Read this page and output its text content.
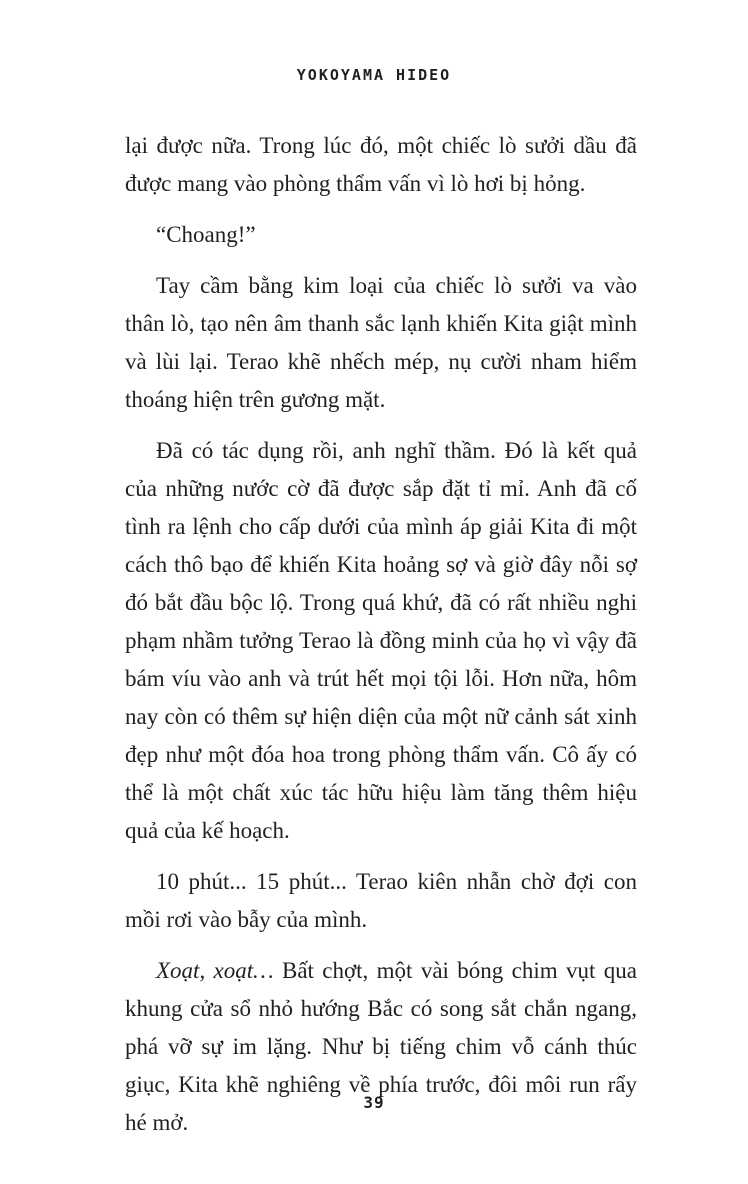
YOKOYAMA HIDEO

lại được nữa. Trong lúc đó, một chiếc lò sưởi dầu đã được mang vào phòng thẩm vấn vì lò hơi bị hỏng.

“Choang!”

Tay cầm bằng kim loại của chiếc lò sưởi va vào thân lò, tạo nên âm thanh sắc lạnh khiến Kita giật mình và lùi lại. Terao khẽ nhếch mép, nụ cười nham hiểm thoáng hiện trên gương mặt.

Đã có tác dụng rồi, anh nghĩ thầm. Đó là kết quả của những nước cờ đã được sắp đặt tỉ mỉ. Anh đã cố tình ra lệnh cho cấp dưới của mình áp giải Kita đi một cách thô bạo để khiến Kita hoảng sợ và giờ đây nỗi sợ đó bắt đầu bộc lộ. Trong quá khứ, đã có rất nhiều nghi phạm nhầm tưởng Terao là đồng minh của họ vì vậy đã bám víu vào anh và trút hết mọi tội lỗi. Hơn nữa, hôm nay còn có thêm sự hiện diện của một nữ cảnh sát xinh đẹp như một đóa hoa trong phòng thẩm vấn. Cô ấy có thể là một chất xúc tác hữu hiệu làm tăng thêm hiệu quả của kế hoạch.

10 phút... 15 phút... Terao kiên nhẫn chờ đợi con mồi rơi vào bẫy của mình.

Xoạt, xoạt… Bất chợt, một vài bóng chim vụt qua khung cửa sổ nhỏ hướng Bắc có song sắt chắn ngang, phá vỡ sự im lặng. Như bị tiếng chim vỗ cánh thúc giục, Kita khẽ nghiêng về phía trước, đôi môi run rẩy hé mở.

39
